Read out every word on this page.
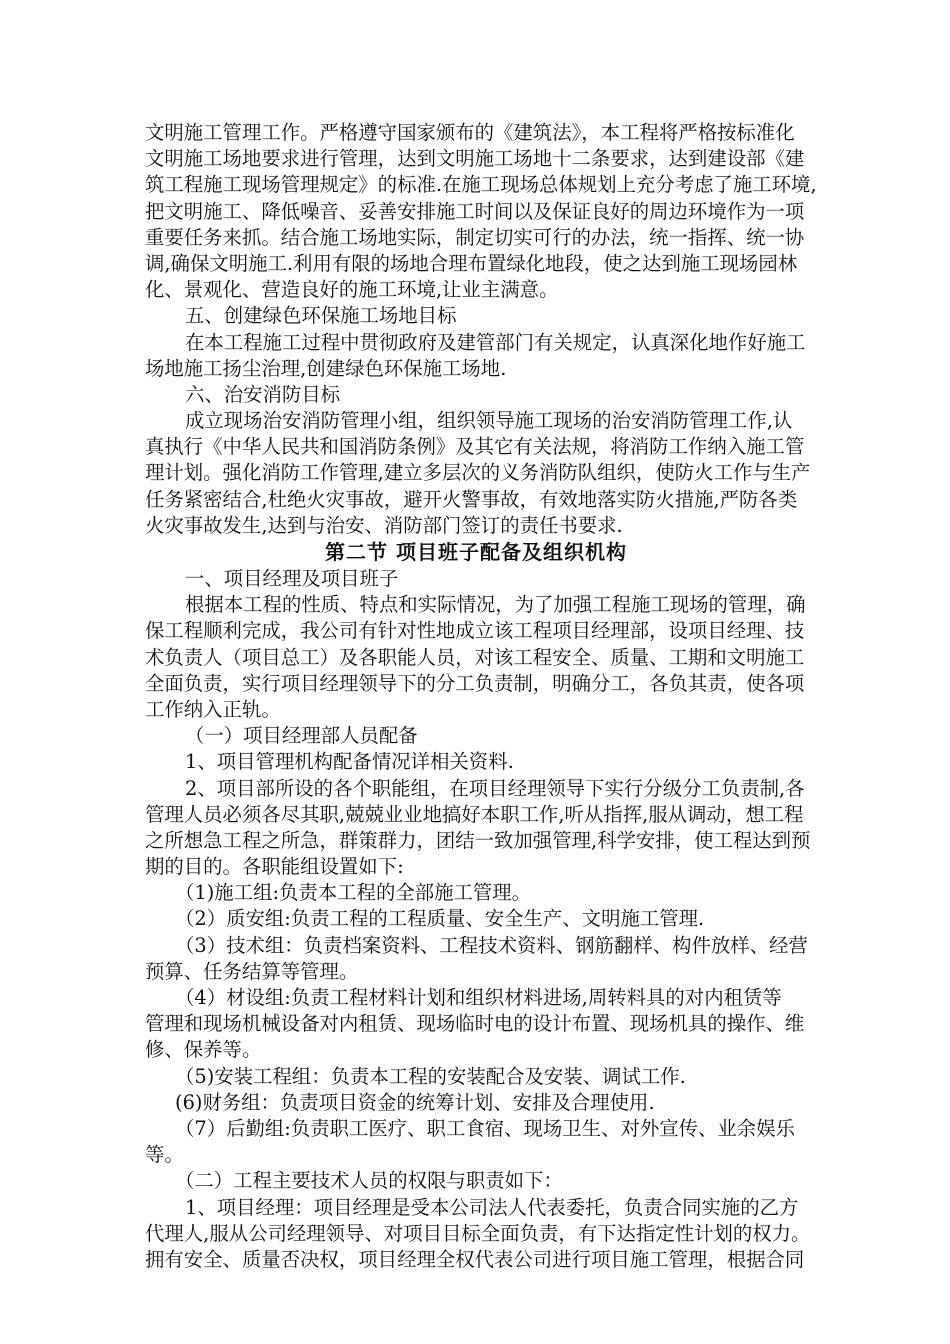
文明施工管理工作。严格遵守国家颁布的《建筑法》，本工程将严格按标准化
文明施工场地要求进行管理，达到文明施工场地十二条要求，达到建设部《建
筑工程施工现场管理规定》的标准.在施工现场总体规划上充分考虑了施工环境,
把文明施工、降低噪音、妥善安排施工时间以及保证良好的周边环境作为一项
重要任务来抓。结合施工场地实际，制定切实可行的办法，统一指挥、统一协
调,确保文明施工.利用有限的场地合理布置绿化地段，使之达到施工现场园林
化、景观化、营造良好的施工环境,让业主满意。
五、创建绿色环保施工场地目标
在本工程施工过程中贯彻政府及建管部门有关规定，认真深化地作好施工
场地施工扬尘治理,创建绿色环保施工场地.
六、治安消防目标
成立现场治安消防管理小组，组织领导施工现场的治安消防管理工作,认
真执行《中华人民共和国消防条例》及其它有关法规，将消防工作纳入施工管
理计划。强化消防工作管理,建立多层次的义务消防队组织，使防火工作与生产
任务紧密结合,杜绝火灾事故，避开火警事故，有效地落实防火措施,严防各类
火灾事故发生,达到与治安、消防部门签订的责任书要求.
第二节 项目班子配备及组织机构
一、项目经理及项目班子
根据本工程的性质、特点和实际情况，为了加强工程施工现场的管理，确
保工程顺利完成，我公司有针对性地成立该工程项目经理部，设项目经理、技
术负责人（项目总工）及各职能人员，对该工程安全、质量、工期和文明施工
全面负责，实行项目经理领导下的分工负责制，明确分工，各负其责，使各项
工作纳入正轨。
（一）项目经理部人员配备
1、项目管理机构配备情况详相关资料.
2、项目部所设的各个职能组，在项目经理领导下实行分级分工负责制,各
管理人员必须各尽其职,兢兢业业地搞好本职工作,听从指挥,服从调动，想工程
之所想急工程之所急，群策群力，团结一致加强管理,科学安排，使工程达到预
期的目的。各职能组设置如下:
（1)施工组:负责本工程的全部施工管理。
（2）质安组:负责工程的工程质量、安全生产、文明施工管理.
（3）技术组：负责档案资料、工程技术资料、钢筋翻样、构件放样、经营
预算、任务结算等管理。
（4）材设组:负责工程材料计划和组织材料进场,周转料具的对内租赁等
管理和现场机械设备对内租赁、现场临时电的设计布置、现场机具的操作、维
修、保养等。
（5)安装工程组：负责本工程的安装配合及安装、调试工作.
(6)财务组：负责项目资金的统筹计划、安排及合理使用.
（7）后勤组:负责职工医疗、职工食宿、现场卫生、对外宣传、业余娱乐
等。
（二）工程主要技术人员的权限与职责如下：
1、项目经理：项目经理是受本公司法人代表委托，负责合同实施的乙方
代理人,服从公司经理领导、对项目目标全面负责，有下达指定性计划的权力。
拥有安全、质量否决权，项目经理全权代表公司进行项目施工管理，根据合同
